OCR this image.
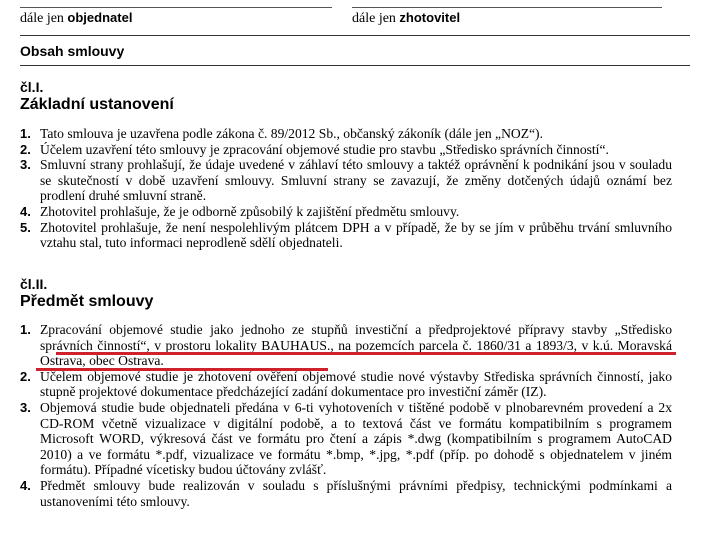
dále jen objednatel	dále jen zhotovitel
Obsah smlouvy
čl.I.
Základní ustanovení
1. Tato smlouva je uzavřena podle zákona č. 89/2012 Sb., občanský zákoník (dále jen „NOZ“).
2. Účelem uzavření této smlouvy je zpracování objemové studie pro stavbu „Středisko správních činností“.
3. Smluvní strany prohlašují, že údaje uvedené v záhlaví této smlouvy a taktéž oprávnění k podnikání jsou v souladu se skutečností v době uzavření smlouvy. Smluvní strany se zavazují, že změny dotčených údajů oznámí bez prodlení druhé smluvní straně.
4. Zhotovitel prohlašuje, že je odborně způsobilý k zajištění předmětu smlouvy.
5. Zhotovitel prohlašuje, že není nespolehlivým plátcem DPH a v případě, že by se jím v průběhu trvání smluvního vztahu stal, tuto informaci neprodleně sdělí objednateli.
čl.II.
Předmět smlouvy
1. Zpracování objemové studie jako jednoho ze stupňů investiční a předprojektové přípravy stavby „Středisko správních činností“, v prostoru lokality BAUHAUS., na pozemcích parcela č. 1860/31 a 1893/3, v k.ú. Moravská Ostrava, obec Ostrava.
2. Účelem objemové studie je zhotovení ověření objemové studie nové výstavby Střediska správních činností, jako stupně projektové dokumentace předcházející zadání dokumentace pro investiční záměr (IZ).
3. Objemová studie bude objednateli předána v 6-ti vyhotoveních v tištěné podobě v plnobarevném provedení a 2x CD-ROM včetně vizualizace v digitální podobě, a to textová část ve formátu kompatibilním s programem Microsoft WORD, výkresová část ve formátu pro čtení a zápis *.dwg (kompatibilním s programem AutoCAD 2010) a ve formátu *.pdf, vizualizace ve formátu *.bmp, *.jpg, *.pdf (příp. po dohodě s objednatelem v jiném formátu). Případné vícetisky budou účtovány zvlášť.
4. Předmět smlouvy bude realizován v souladu s příslušnými právními předpisy, technickými podmínkami a ustanoveními této smlouvy.
